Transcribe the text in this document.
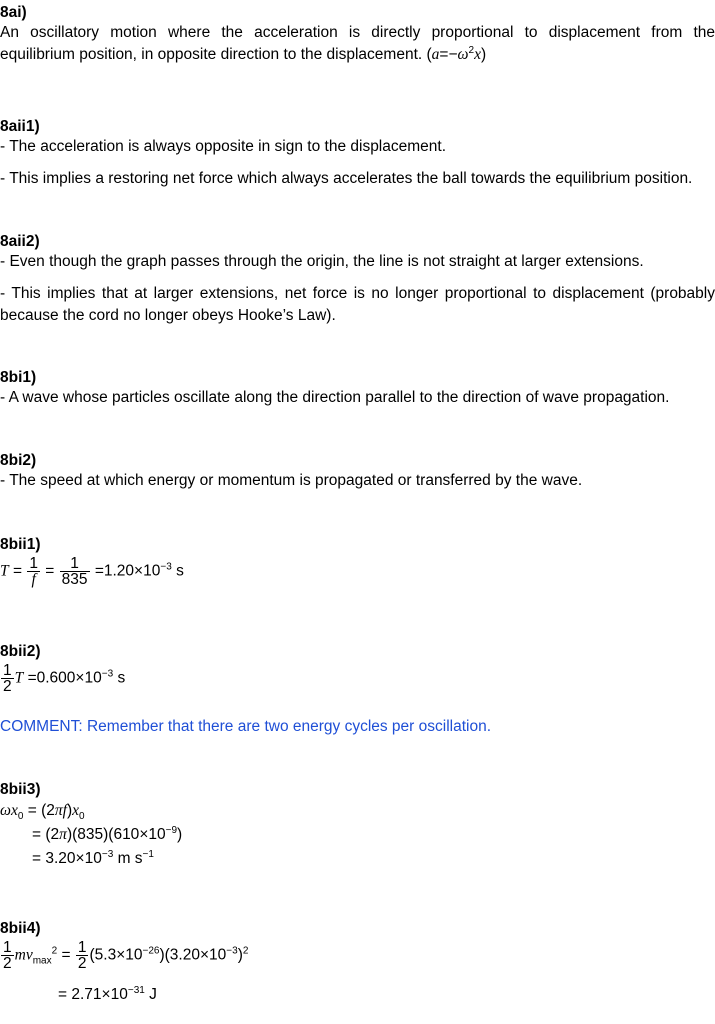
8ai)
An oscillatory motion where the acceleration is directly proportional to displacement from the
equilibrium position, in opposite direction to the displacement. $(a=-\omega^2x)$
8aii1)
- The acceleration is always opposite in sign to the displacement.
- This implies a restoring net force which always accelerates the ball towards the equilibrium position.
8aii2)
- Even though the graph passes through the origin, the line is not straight at larger extensions.
- This implies that at larger extensions, net force is no longer proportional to displacement (probably
because the cord no longer obeys Hooke’s Law).
8bi1)
- A wave whose particles oscillate along the direction parallel to the direction of wave propagation.
8bi2)
- The speed at which energy or momentum is propagated or transferred by the wave.
8bii1)
$T = \frac{1}{f} = \frac{1}{835} =1.20\times 10^{-3}$ s
8bii2)
$\frac{1}{2}$ $T =0.600\times 10^{-3}$ s
COMMENT: Remember that there are two energy cycles per oscillation.
8bii3)
$\omega x_0 = (2\pi f)x_0$
= $(2\pi)(835)(610\times 10^{-9})$
= $3.20\times 10^{-3}$ m $s^{-1}$
8bii4)
$\frac{1}{2} mv_{max}^2 = \frac{1}{2} (5.3\times 10^{-26})(3.20\times 10^{-3})^2$
= $2.71\times 10^{-31}$ J
